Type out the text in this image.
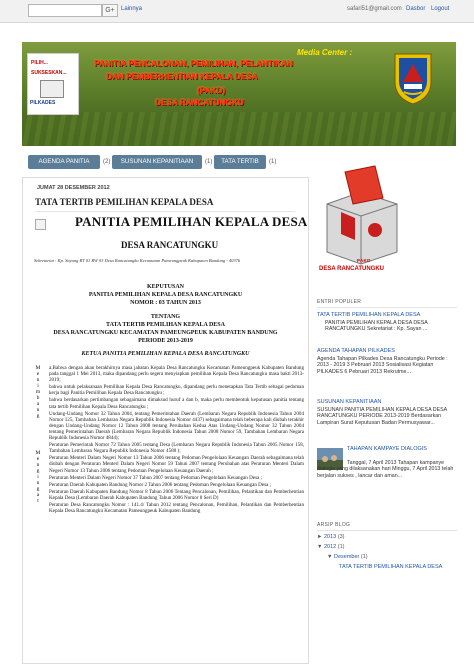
G+	Lainnya	safari51@gmail.com Dasbor Logout
PILIH...
SUKSESKAN...
PILKADES
Media Center :
PANITIA PENCALONAN, PEMILIHAN, PELANTIKAN
DAN PEMBERHENTIAN KEPALA DESA
(PAKD)
DESA RANCATUNGKU
AGENDA PANITIA	(2)	SUSUNAN KEPANITIAAN	(1)	TATA TERTIB	(1)
JUMAT 28 DESEMBER 2012
TATA TERTIB PEMILIHAN KEPALA DESA
PANITIA PEMILIHAN KEPALA DESA
DESA RANCATUNGKU
Sekretariat : Kp. Sayang RT 01 RW 03 Desa Rancatungku Kecamatan Pameungpeuk Kabupaten Bandung - 40376
KEPUTUSAN
PANITIA PEMILIHAN KEPALA DESA RANCATUNGKU
NOMOR : 03 TAHUN 2013
TENTANG
TATA TERTIB PEMILIHAN KEPALA DESA
DESA RANCATUNGKU KECAMATAN PAMEUNGPEUK KABUPATEN BANDUNG
PERIODE 2013-2019
KETUA PANITIA PEMILIHAN KEPALA DESA RANCATUNGKU
M
e
n
i
m
b
a
n
g
M
e
n
g
i
n
g
a
t

a.Bahwa dengan akan berakhirnya masa jabatan Kepala Desa Rancatungku Kecamatan Pameungpeuk Kabupaten Bandung pada tanggal 1 Mei 2013, maka dipandang perlu segera menyiapkan pemilihan Kepala Desa Rancatungku masa bakti 2013-2019;

bahwa untuk pelaksanaan Pemilihan Kepala Desa Rancatungku, dipandang perlu menetapkan Tata Tertib sebagai pedoman kerja bagi Panitia Pemilihan Kepala Desa Rancatungku ;

bahwa berdasarkan pertimbangan sebagaimana dimaksud huruf a dan b, maka perlu membentuk keputusan panitia tentang tata tertib Pemilihan Kepala Desa Rancatungku ;

Undang-Undang Nomor 32 Tahun 2004, tentang Pemerintahan Daerah (Lembaran Negara Republik Indonesia Tahun 2004 Nomor 125, Tambahan Lembaran Negara Republik Indonesia Nomor 4437) sebagaimana telah beberapa kali diubah terakhir dengan Undang-Undang Nomor 12 Tahun 2008 tentang Perubahan Kedua Atas Undang-Undang Nomor 32 Tahun 2004 tentang Pemerintahan Daerah (Lembaran Negara Republik Indonesia Tahun 2008 Nomor 59, Tambahan Lembaran Negara Republik Indonesia Nomor 4844);

Peraturan Pemerintah Nomor 72 Tahun 2005 tentang Desa (Lembaran Negara Republik Indonesia Tahun 2005 Nomor 158, Tambahan Lembaran Negara Republik Indonesia Nomor 4588 );

Peraturan Menteri Dalam Negeri Nomor 13 Tahun 2006 tentang Pedoman Pengelolaan Keuangan Daerah sebagaimana telah diubah dengan Peraturan Menteri Dalam Negeri Nomor 59 Tahun 2007 tentang Perubahan atas Peraturan Menteri Dalam Negeri Nomor 13 Tahun 2006 tentang Pedoman Pengelolaan Keuangan Daerah ;

Peraturan Menteri Dalam Negeri Nomor 37 Tahun 2007 tentang Pedoman Pengelolaan Keuangan Desa ;

Peraturan Daerah Kabupaten Bandung Nomor 2 Tahun 2006 tentang Pedoman Pengelolaan Keuangan Desa ;

Peraturan Daerah Kabupaten Bandung Nomor 8 Tahun 2006 Tentang Pencalonan, Pemilihan, Pelantikan dan Pemberhentian Kepala Desa (Lembaran Daerah Kabupaten Bandung Tahun 2006 Nomor 8 Seri D)

Peraturan Desa Rancatungku Nomor : 141.4/ Tahun 2012 tentang Pencalonan, Pemilihan, Pelantikan dan Pemberhentian Kepala Desa Rancatungku Kecamatan Pameungpeuk Kabupaten Bandung

PAKD
DESA RANCATUNGKU
ENTRI POPULER
TATA TERTIB PEMILIHAN KEPALA DESA
PANITIA PEMILIHAN KEPALA DESA DESA RANCATUNGKU Sekretariat : Kp. Sayan ...
AGENDA TAHAPAN PILKADES
Agenda Tahapan Pilkades Desa Rancatungku Periode : 2013 - 2019 3 Pebruari 2013 Sosialisasi Kegiatan PILKADES 6 Pebruari 2013 Rekrutme...
SUSUNAN KEPANITIAAN
SUSUNAN PANITIA PEMILIHAN KEPALA DESA DESA RANCATUNGKU PERIODE 2013-2019 Berdasarkan Lampiran Surat Keputusan Badan Permusyawar...
TAHAPAN KAMPAYE DIALOGIS
Tanggal, 7 April 2013 Tahapan kampanye dialogis yang dilaksanakan hari Minggu, 7 April 2013 telah berjalan sukses , lancar dan aman...
ARSIP BLOG
► 2013 (3)
▼ 2012 (1)
▼ Desember (1)
TATA TERTIB PEMILIHAN KEPALA DESA
